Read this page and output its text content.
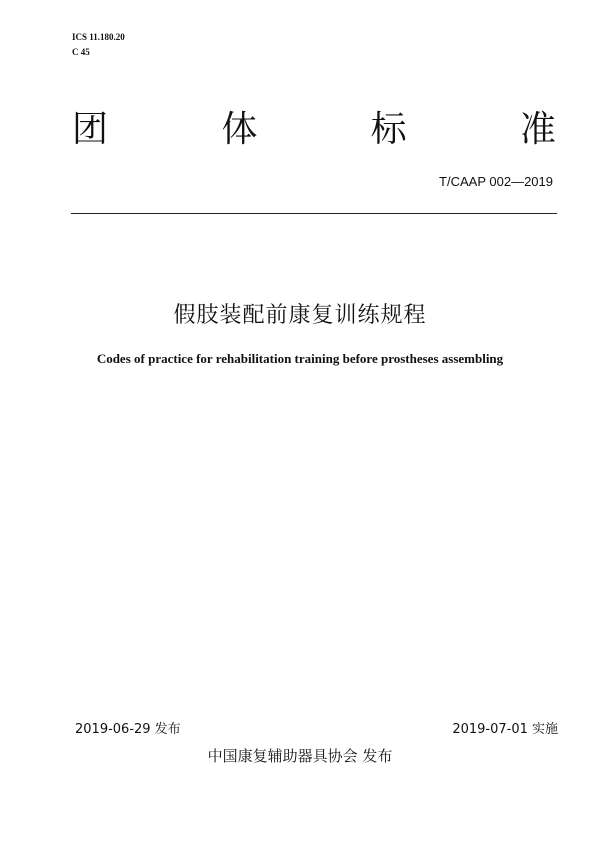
ICS 11.180.20
C 45
团	体	标	准
T/CAAP 002—2019
假肢装配前康复训练规程
Codes of practice for rehabilitation training before prostheses assembling
2019-06-29 发布	2019-07-01 实施
中国康复辅助器具协会 发布
